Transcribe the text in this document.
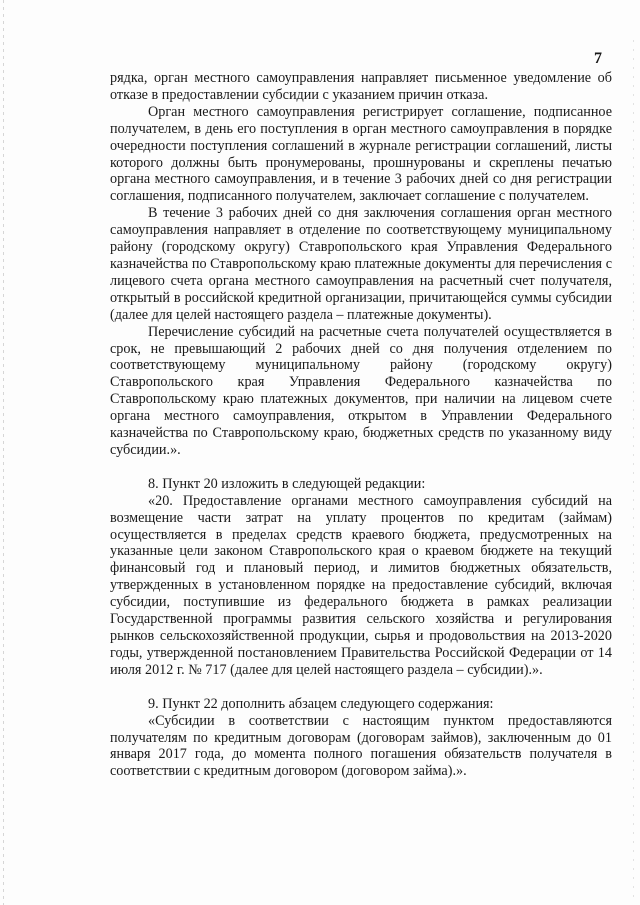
7

рядка, орган местного самоуправления направляет письменное уведомление об отказе в предоставлении субсидии с указанием причин отказа.

Орган местного самоуправления регистрирует соглашение, подписанное получателем, в день его поступления в орган местного самоуправления в порядке очередности поступления соглашений в журнале регистрации соглашений, листы которого должны быть пронумерованы, прошнурованы и скреплены печатью органа местного самоуправления, и в течение 3 рабочих дней со дня регистрации соглашения, подписанного получателем, заключает соглашение с получателем.

В течение 3 рабочих дней со дня заключения соглашения орган местного самоуправления направляет в отделение по соответствующему муниципальному району (городскому округу) Ставропольского края Управления Федерального казначейства по Ставропольскому краю платежные документы для перечисления с лицевого счета органа местного самоуправления на расчетный счет получателя, открытый в российской кредитной организации, причитающейся суммы субсидии (далее для целей настоящего раздела – платежные документы).

Перечисление субсидий на расчетные счета получателей осуществляется в срок, не превышающий 2 рабочих дней со дня получения отделением по соответствующему муниципальному району (городскому округу) Ставропольского края Управления Федерального казначейства по Ставропольскому краю платежных документов, при наличии на лицевом счете органа местного самоуправления, открытом в Управлении Федерального казначейства по Ставропольскому краю, бюджетных средств по указанному виду субсидии.».

8. Пункт 20 изложить в следующей редакции:

«20. Предоставление органами местного самоуправления субсидий на возмещение части затрат на уплату процентов по кредитам (займам) осуществляется в пределах средств краевого бюджета, предусмотренных на указанные цели законом Ставропольского края о краевом бюджете на текущий финансовый год и плановый период, и лимитов бюджетных обязательств, утвержденных в установленном порядке на предоставление субсидий, включая субсидии, поступившие из федерального бюджета в рамках реализации Государственной программы развития сельского хозяйства и регулирования рынков сельскохозяйственной продукции, сырья и продовольствия на 2013-2020 годы, утвержденной постановлением Правительства Российской Федерации от 14 июля 2012 г. № 717 (далее для целей настоящего раздела – субсидии).».

9. Пункт 22 дополнить абзацем следующего содержания:

«Субсидии в соответствии с настоящим пунктом предоставляются получателям по кредитным договорам (договорам займов), заключенным до 01 января 2017 года, до момента полного погашения обязательств получателя в соответствии с кредитным договором (договором займа).».
